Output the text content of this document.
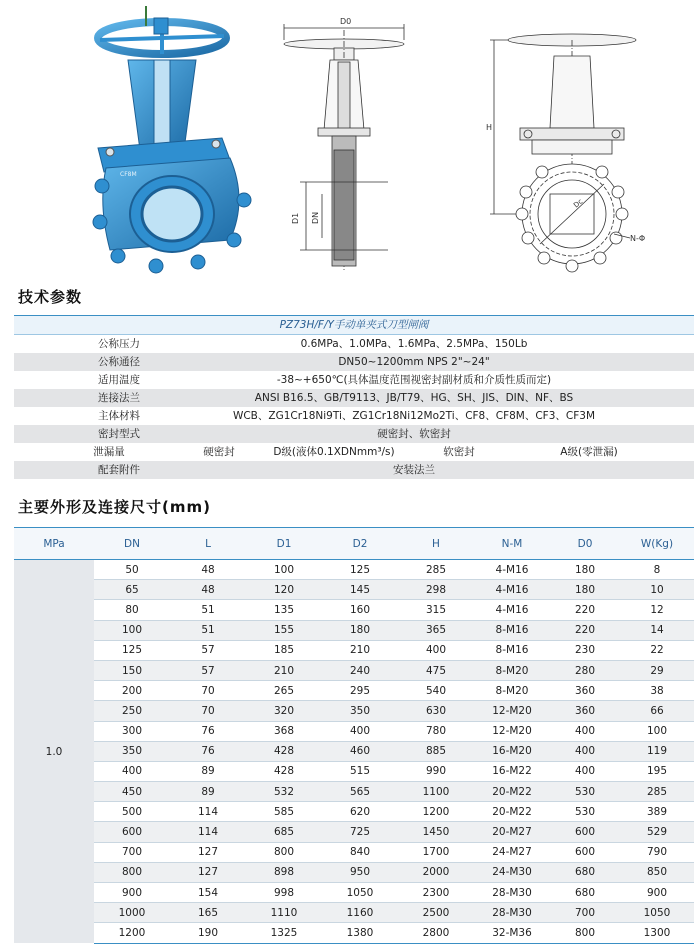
CF8M
D0
D1 DN
H
Dc
N-Φ
技术参数
PZ73H/F/Y手动单夹式刀型闸阀
公称压力	0.6MPa、1.0MPa、1.6MPa、2.5MPa、150Lb
公称通径	DN50~1200mm NPS 2"~24"
适用温度	-38~+650℃(具体温度范围视密封副材质和介质性质而定)
连接法兰	ANSI B16.5、GB/T9113、JB/T79、HG、SH、JIS、DIN、NF、BS
主体材料	WCB、ZG1Cr18Ni9Ti、ZG1Cr18Ni12Mo2Ti、CF8、CF8M、CF3、CF3M
密封型式	硬密封、软密封
泄漏量	硬密封	D级(液体0.1XDNmm³/s)	软密封	A级(零泄漏)
配套附件	安装法兰
主要外形及连接尺寸(mm)
MPa	DN	L	D1	D2	H	N-M	D0	W(Kg)
1.0	50	48	100	125	285	4-M16	180	8
	65	48	120	145	298	4-M16	180	10
	80	51	135	160	315	4-M16	220	12
	100	51	155	180	365	8-M16	220	14
	125	57	185	210	400	8-M16	230	22
	150	57	210	240	475	8-M20	280	29
	200	70	265	295	540	8-M20	360	38
	250	70	320	350	630	12-M20	360	66
	300	76	368	400	780	12-M20	400	100
	350	76	428	460	885	16-M20	400	119
	400	89	428	515	990	16-M22	400	195
	450	89	532	565	1100	20-M22	530	285
	500	114	585	620	1200	20-M22	530	389
	600	114	685	725	1450	20-M27	600	529
	700	127	800	840	1700	24-M27	600	790
	800	127	898	950	2000	24-M30	680	850
	900	154	998	1050	2300	28-M30	680	900
	1000	165	1110	1160	2500	28-M30	700	1050
	1200	190	1325	1380	2800	32-M36	800	1300
